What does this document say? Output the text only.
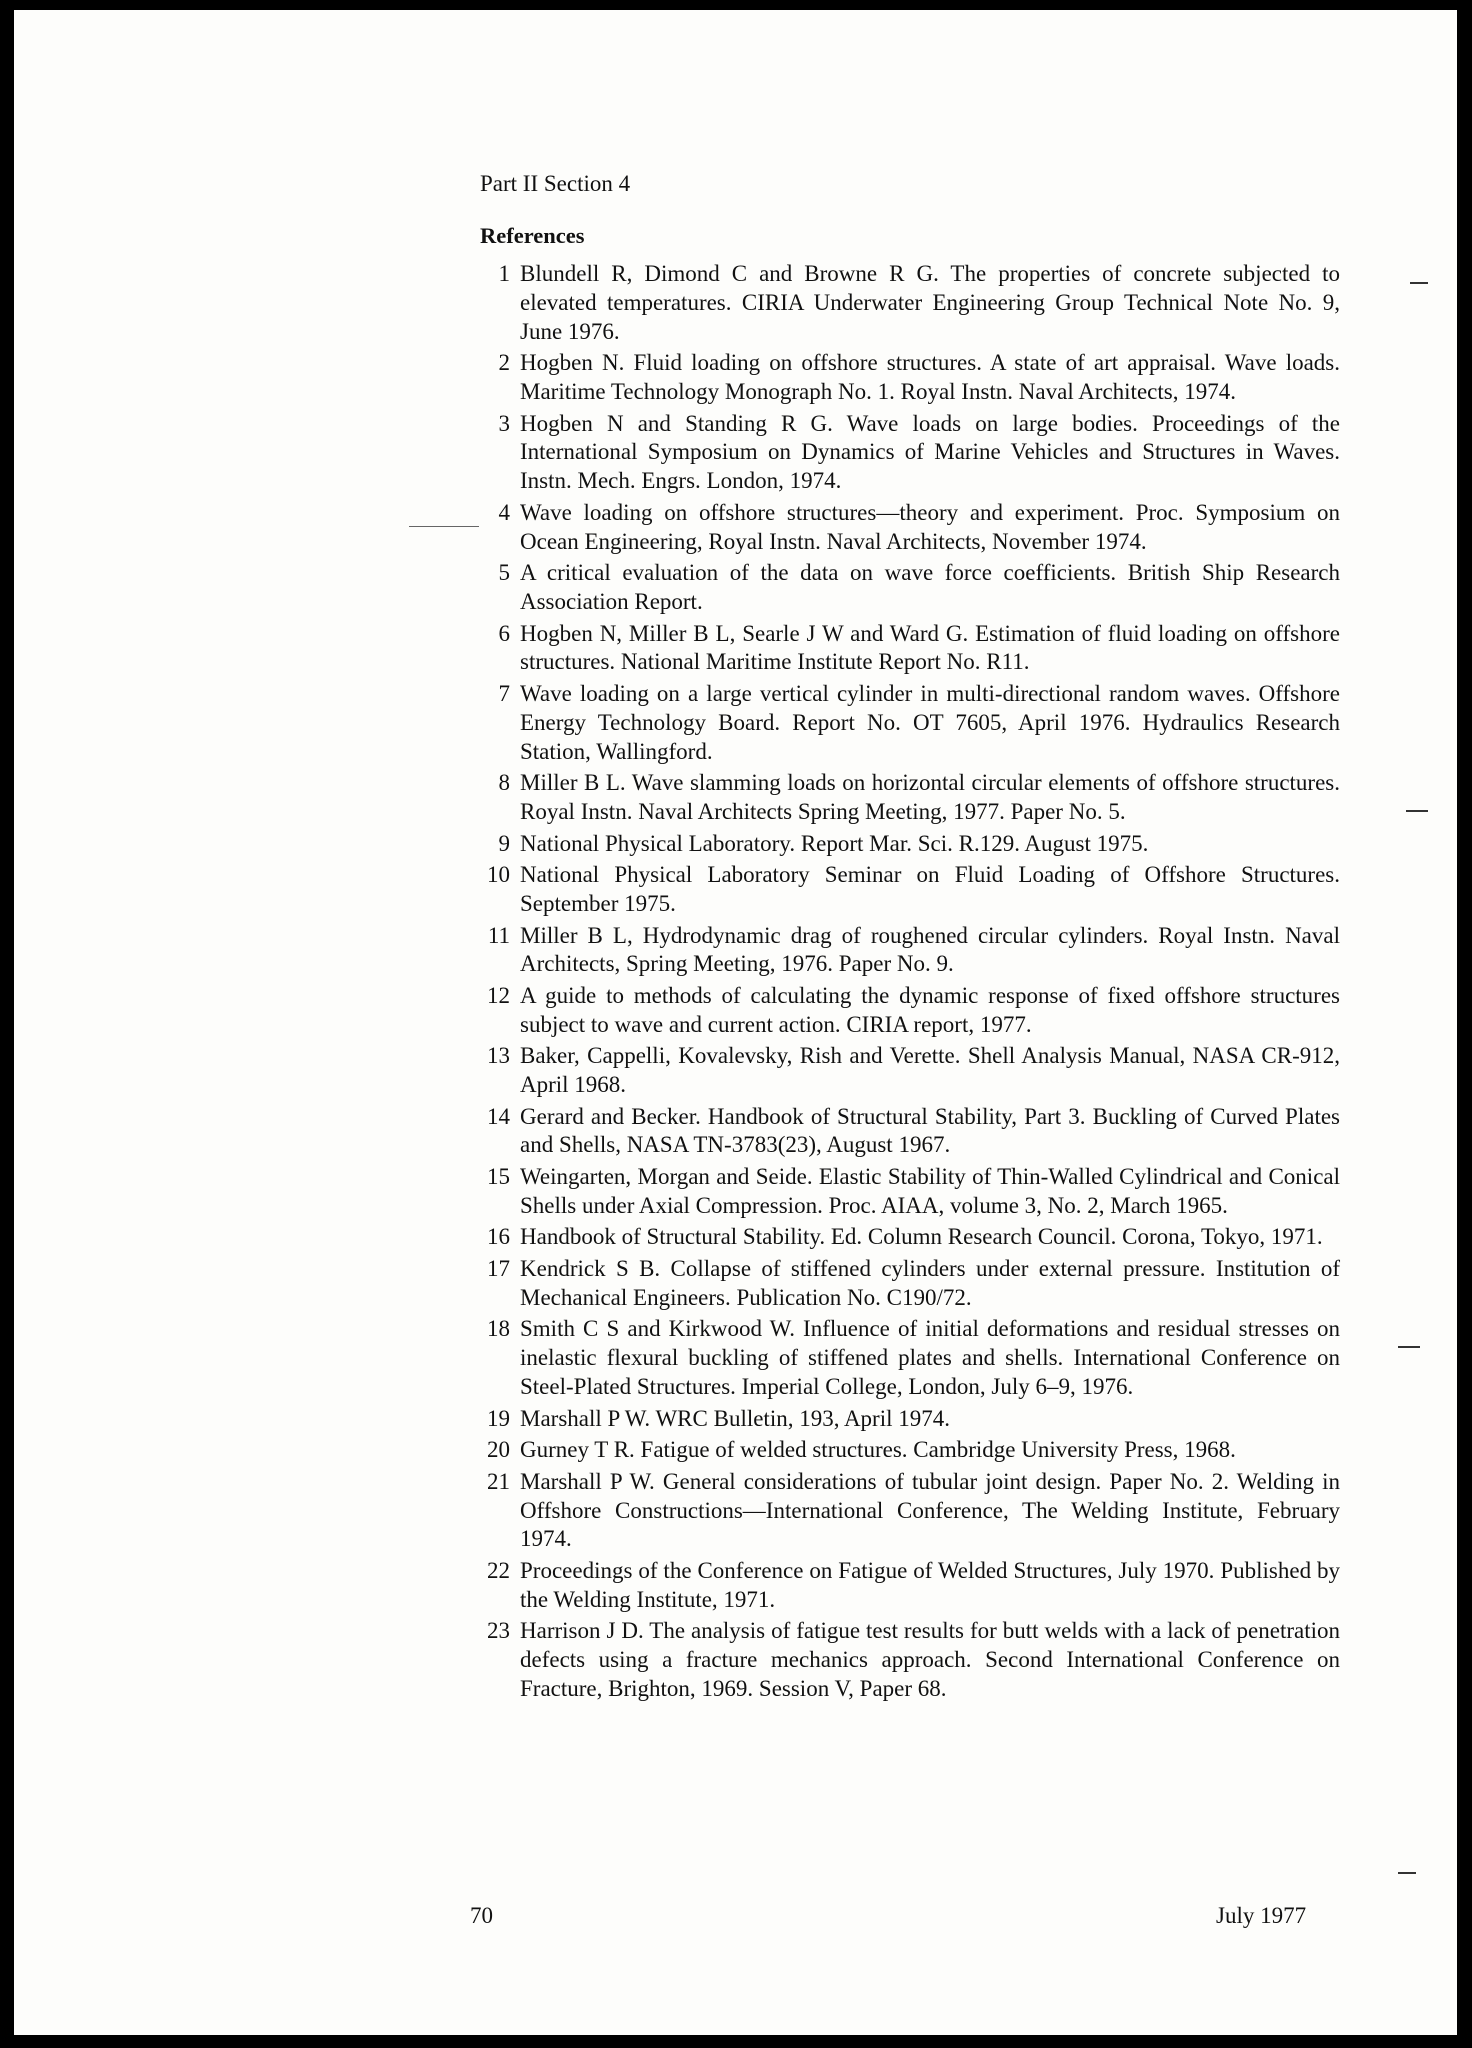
Part II Section 4

References

1 Blundell R, Dimond C and Browne R G. The properties of concrete subjected to elevated temperatures. CIRIA Underwater Engineering Group Technical Note No. 9, June 1976.
2 Hogben N. Fluid loading on offshore structures. A state of art appraisal. Wave loads. Maritime Technology Monograph No. 1. Royal Instn. Naval Architects, 1974.
3 Hogben N and Standing R G. Wave loads on large bodies. Proceedings of the International Symposium on Dynamics of Marine Vehicles and Structures in Waves. Instn. Mech. Engrs. London, 1974.
4 Wave loading on offshore structures—theory and experiment. Proc. Symposium on Ocean Engineering, Royal Instn. Naval Architects, November 1974.
5 A critical evaluation of the data on wave force coefficients. British Ship Research Association Report.
6 Hogben N, Miller B L, Searle J W and Ward G. Estimation of fluid loading on offshore structures. National Maritime Institute Report No. R11.
7 Wave loading on a large vertical cylinder in multi-directional random waves. Offshore Energy Technology Board. Report No. OT 7605, April 1976. Hydraulics Research Station, Wallingford.
8 Miller B L. Wave slamming loads on horizontal circular elements of offshore structures. Royal Instn. Naval Architects Spring Meeting, 1977. Paper No. 5.
9 National Physical Laboratory. Report Mar. Sci. R.129. August 1975.
10 National Physical Laboratory Seminar on Fluid Loading of Offshore Structures. September 1975.
11 Miller B L, Hydrodynamic drag of roughened circular cylinders. Royal Instn. Naval Architects, Spring Meeting, 1976. Paper No. 9.
12 A guide to methods of calculating the dynamic response of fixed offshore structures subject to wave and current action. CIRIA report, 1977.
13 Baker, Cappelli, Kovalevsky, Rish and Verette. Shell Analysis Manual, NASA CR-912, April 1968.
14 Gerard and Becker. Handbook of Structural Stability, Part 3. Buckling of Curved Plates and Shells, NASA TN-3783(23), August 1967.
15 Weingarten, Morgan and Seide. Elastic Stability of Thin-Walled Cylindrical and Conical Shells under Axial Compression. Proc. AIAA, volume 3, No. 2, March 1965.
16 Handbook of Structural Stability. Ed. Column Research Council. Corona, Tokyo, 1971.
17 Kendrick S B. Collapse of stiffened cylinders under external pressure. Institution of Mechanical Engineers. Publication No. C190/72.
18 Smith C S and Kirkwood W. Influence of initial deformations and residual stresses on inelastic flexural buckling of stiffened plates and shells. International Conference on Steel-Plated Structures. Imperial College, London, July 6–9, 1976.
19 Marshall P W. WRC Bulletin, 193, April 1974.
20 Gurney T R. Fatigue of welded structures. Cambridge University Press, 1968.
21 Marshall P W. General considerations of tubular joint design. Paper No. 2. Welding in Offshore Constructions—International Conference, The Welding Institute, February 1974.
22 Proceedings of the Conference on Fatigue of Welded Structures, July 1970. Published by the Welding Institute, 1971.
23 Harrison J D. The analysis of fatigue test results for butt welds with a lack of penetration defects using a fracture mechanics approach. Second International Conference on Fracture, Brighton, 1969. Session V, Paper 68.
70	July 1977
